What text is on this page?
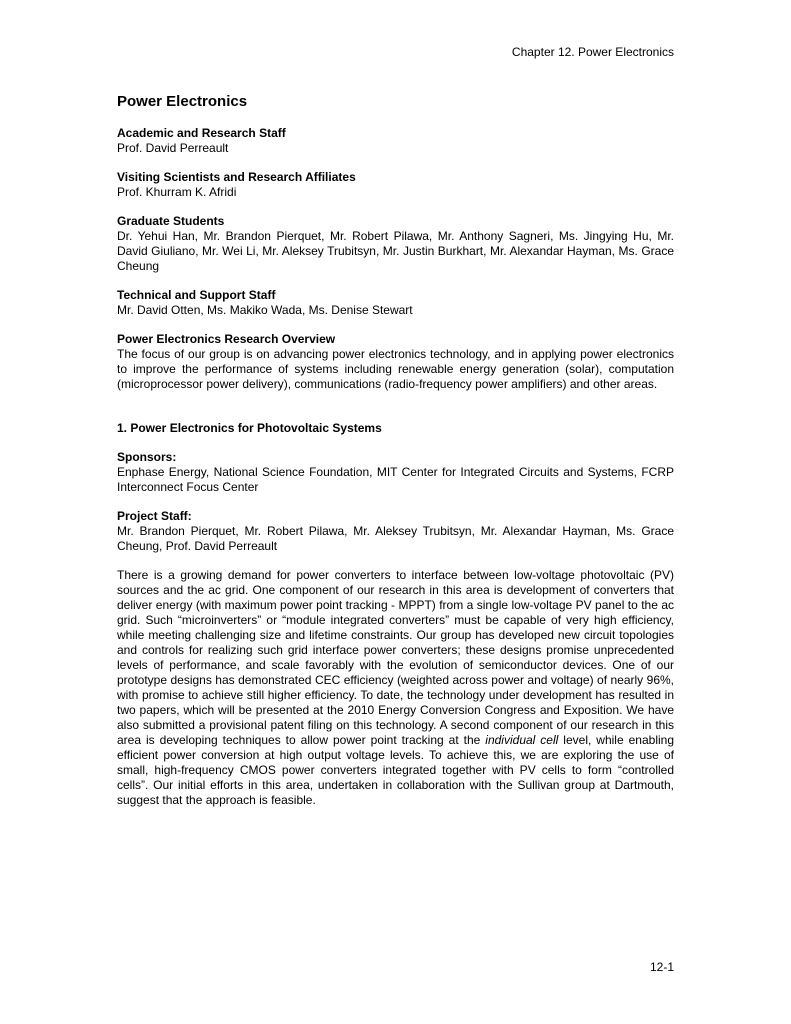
Chapter 12. Power Electronics
Power Electronics
Academic and Research Staff
Prof. David Perreault
Visiting Scientists and Research Affiliates
Prof. Khurram K. Afridi
Graduate Students
Dr. Yehui Han, Mr. Brandon Pierquet, Mr. Robert Pilawa, Mr. Anthony Sagneri, Ms. Jingying Hu, Mr. David Giuliano, Mr. Wei Li, Mr. Aleksey Trubitsyn, Mr. Justin Burkhart, Mr. Alexandar Hayman, Ms. Grace Cheung
Technical and Support Staff
Mr. David Otten, Ms. Makiko Wada, Ms. Denise Stewart
Power Electronics Research Overview
The focus of our group is on advancing power electronics technology, and in applying power electronics to improve the performance of systems including renewable energy generation (solar), computation (microprocessor power delivery), communications (radio-frequency power amplifiers) and other areas.
1. Power Electronics for Photovoltaic Systems
Sponsors:
Enphase Energy, National Science Foundation, MIT Center for Integrated Circuits and Systems, FCRP Interconnect Focus Center
Project Staff:
Mr. Brandon Pierquet, Mr. Robert Pilawa, Mr. Aleksey Trubitsyn, Mr. Alexandar Hayman, Ms. Grace Cheung, Prof. David Perreault
There is a growing demand for power converters to interface between low-voltage photovoltaic (PV) sources and the ac grid. One component of our research in this area is development of converters that deliver energy (with maximum power point tracking - MPPT) from a single low-voltage PV panel to the ac grid. Such “microinverters” or “module integrated converters” must be capable of very high efficiency, while meeting challenging size and lifetime constraints. Our group has developed new circuit topologies and controls for realizing such grid interface power converters; these designs promise unprecedented levels of performance, and scale favorably with the evolution of semiconductor devices. One of our prototype designs has demonstrated CEC efficiency (weighted across power and voltage) of nearly 96%, with promise to achieve still higher efficiency. To date, the technology under development has resulted in two papers, which will be presented at the 2010 Energy Conversion Congress and Exposition. We have also submitted a provisional patent filing on this technology. A second component of our research in this area is developing techniques to allow power point tracking at the individual cell level, while enabling efficient power conversion at high output voltage levels. To achieve this, we are exploring the use of small, high-frequency CMOS power converters integrated together with PV cells to form “controlled cells”. Our initial efforts in this area, undertaken in collaboration with the Sullivan group at Dartmouth, suggest that the approach is feasible.
12-1
